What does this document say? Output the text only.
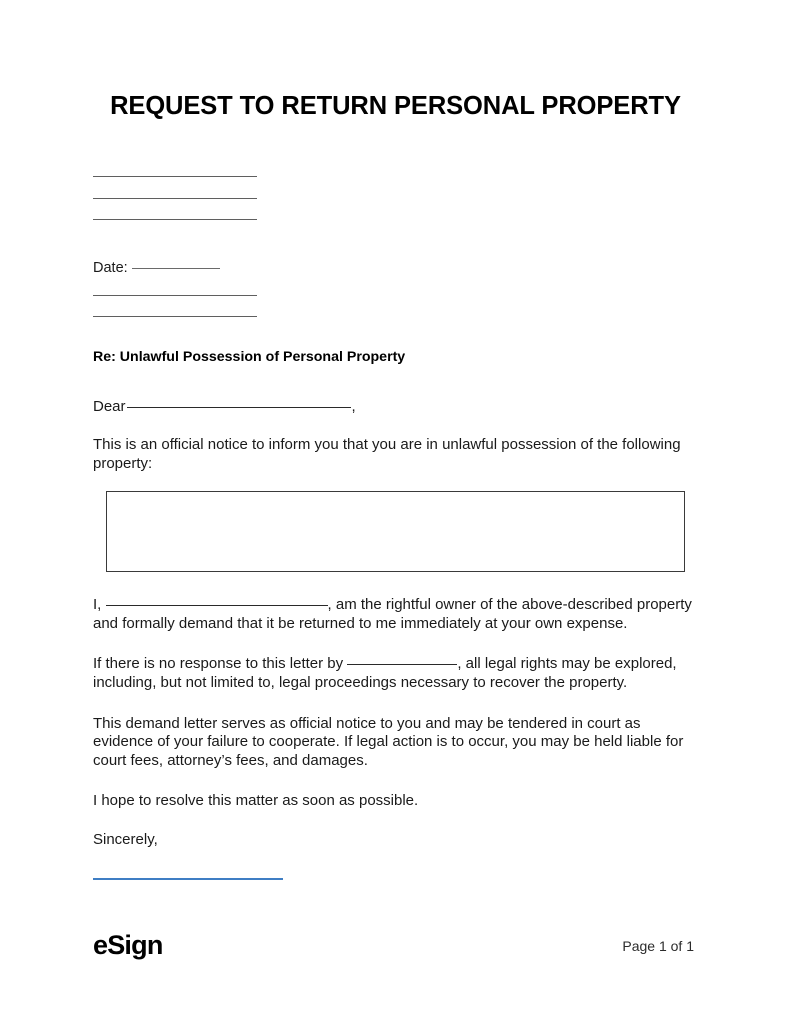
REQUEST TO RETURN PERSONAL PROPERTY
Date:
Re: Unlawful Possession of Personal Property
Dear	,

This is an official notice to inform you that you are in unlawful possession of the following property:

I,	, am the rightful owner of the above-described property and formally demand that it be returned to me immediately at your own expense.

If there is no response to this letter by	, all legal rights may be explored, including, but not limited to, legal proceedings necessary to recover the property.

This demand letter serves as official notice to you and may be tendered in court as evidence of your failure to cooperate. If legal action is to occur, you may be held liable for court fees, attorney’s fees, and damages.

I hope to resolve this matter as soon as possible.

Sincerely,

eSign	Page 1 of 1
